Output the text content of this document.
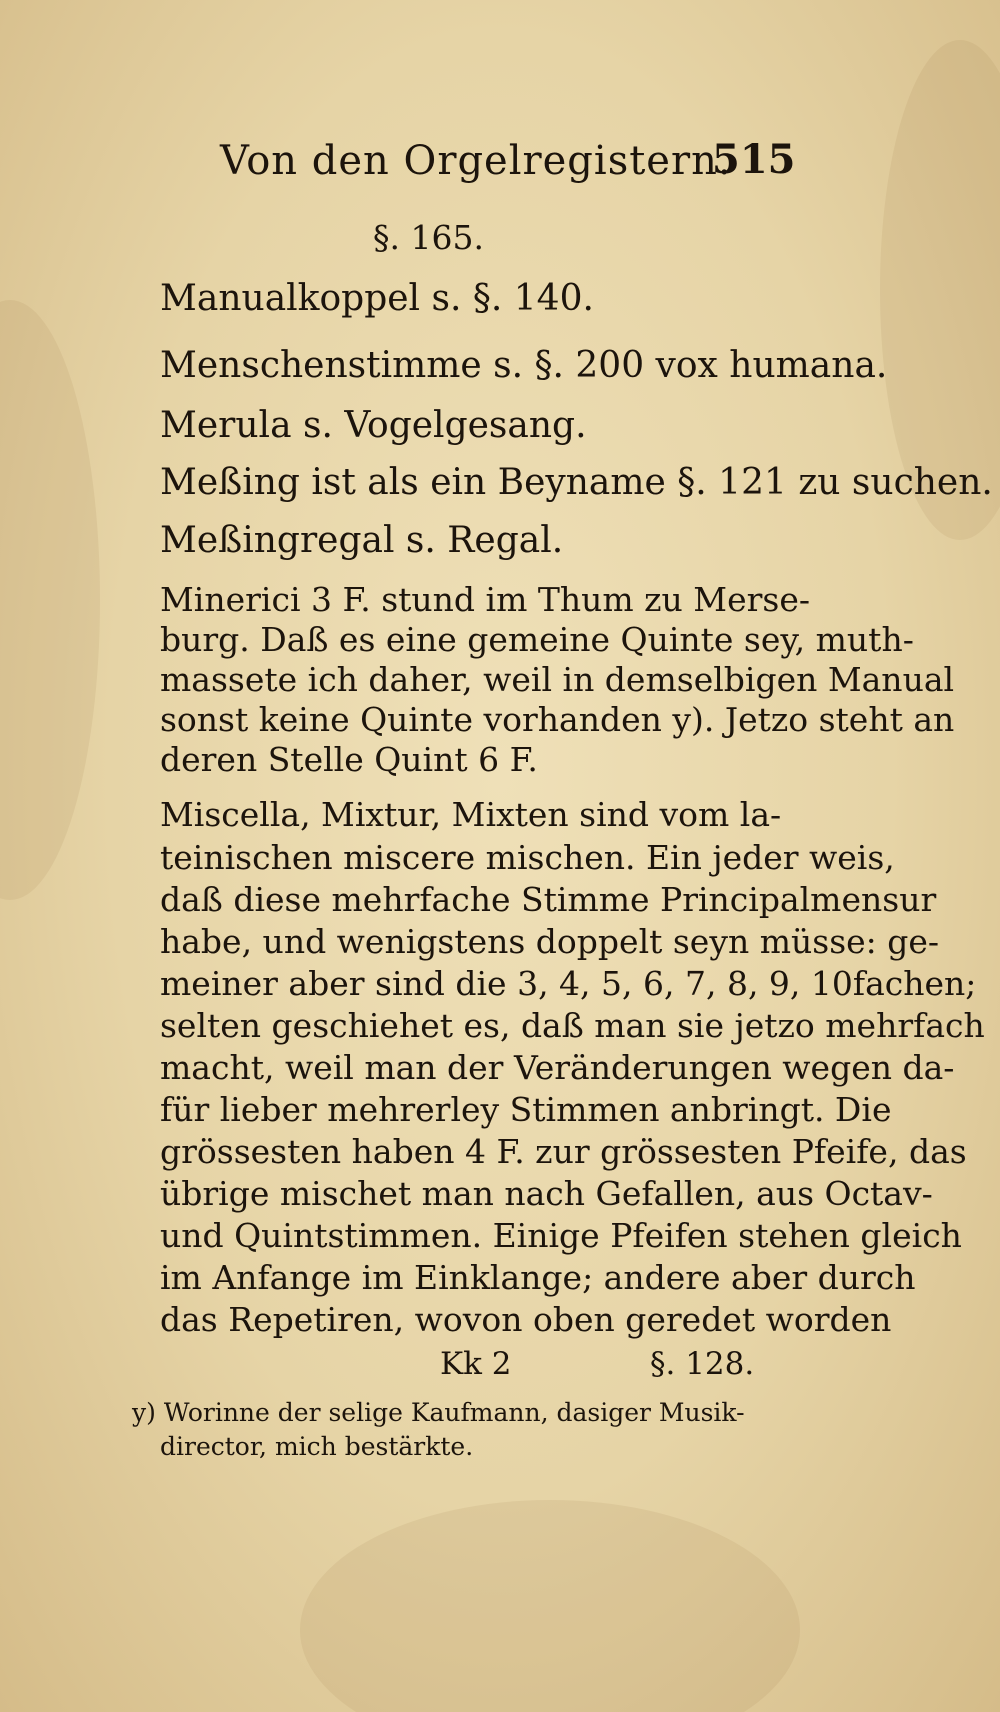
Von den Orgelregistern.
515
§. 165.
Manualkoppel s. §. 140.
Menschenstimme s. §. 200 vox humana.
Merula s. Vogelgesang.
Meßing ist als ein Beyname §. 121 zu suchen.
Meßingregal s. Regal.
Minerici 3 F. stund im Thum zu Merse-
burg. Daß es eine gemeine Quinte sey, muth-
massete ich daher, weil in demselbigen Manual
sonst keine Quinte vorhanden y). Jetzo steht an
deren Stelle Quint 6 F.
Miscella, Mixtur, Mixten sind vom la-
teinischen miscere mischen. Ein jeder weis,
daß diese mehrfache Stimme Principalmensur
habe, und wenigstens doppelt seyn müsse: ge-
meiner aber sind die 3, 4, 5, 6, 7, 8, 9, 10fachen;
selten geschiehet es, daß man sie jetzo mehrfach
macht, weil man der Veränderungen wegen da-
für lieber mehrerley Stimmen anbringt. Die
grössesten haben 4 F. zur grössesten Pfeife, das
übrige mischet man nach Gefallen, aus Octav-
und Quintstimmen. Einige Pfeifen stehen gleich
im Anfange im Einklange; andere aber durch
das Repetiren, wovon oben geredet worden
Kk 2	§. 128.
y) Worinne der selige Kaufmann, dasiger Musik-
director, mich bestärkte.
